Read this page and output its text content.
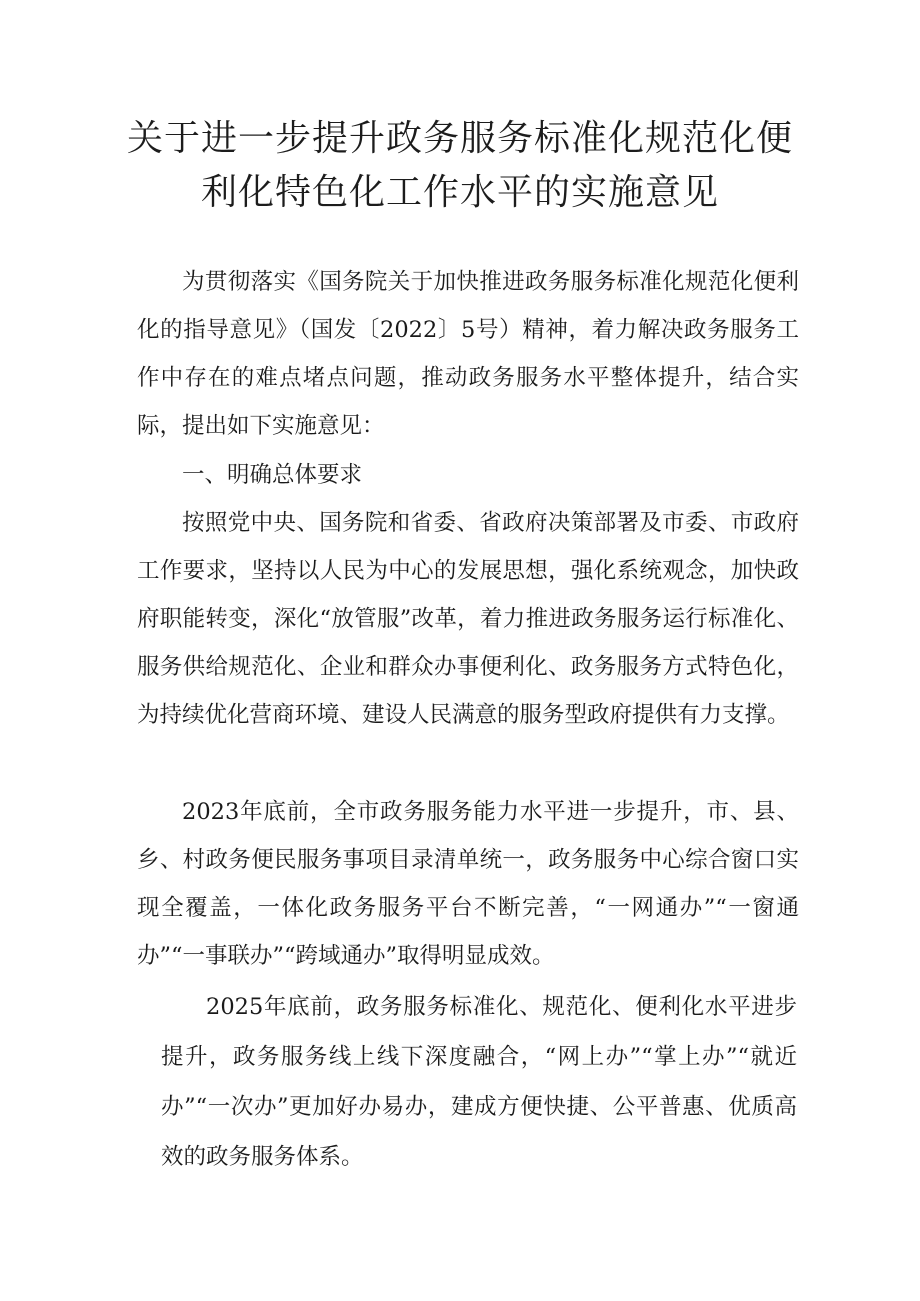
关于进一步提升政务服务标准化规范化便
利化特色化工作水平的实施意见

为贯彻落实《国务院关于加快推进政务服务标准化规范化便利化的指导意见》（国发〔2022〕5号）精神，着力解决政务服务工作中存在的难点堵点问题，推动政务服务水平整体提升，结合实际，提出如下实施意见：

一、明确总体要求

按照党中央、国务院和省委、省政府决策部署及市委、市政府工作要求，坚持以人民为中心的发展思想，强化系统观念，加快政府职能转变，深化“放管服”改革，着力推进政务服务运行标准化、服务供给规范化、企业和群众办事便利化、政务服务方式特色化，为持续优化营商环境、建设人民满意的服务型政府提供有力支撑。

2023年底前，全市政务服务能力水平进一步提升，市、县、乡、村政务便民服务事项目录清单统一，政务服务中心综合窗口实现全覆盖，一体化政务服务平台不断完善，“一网通办”“一窗通办”“一事联办”“跨域通办”取得明显成效。

2025年底前，政务服务标准化、规范化、便利化水平进步提升，政务服务线上线下深度融合，“网上办”“掌上办”“就近办”“一次办”更加好办易办，建成方便快捷、公平普惠、优质高效的政务服务体系。
